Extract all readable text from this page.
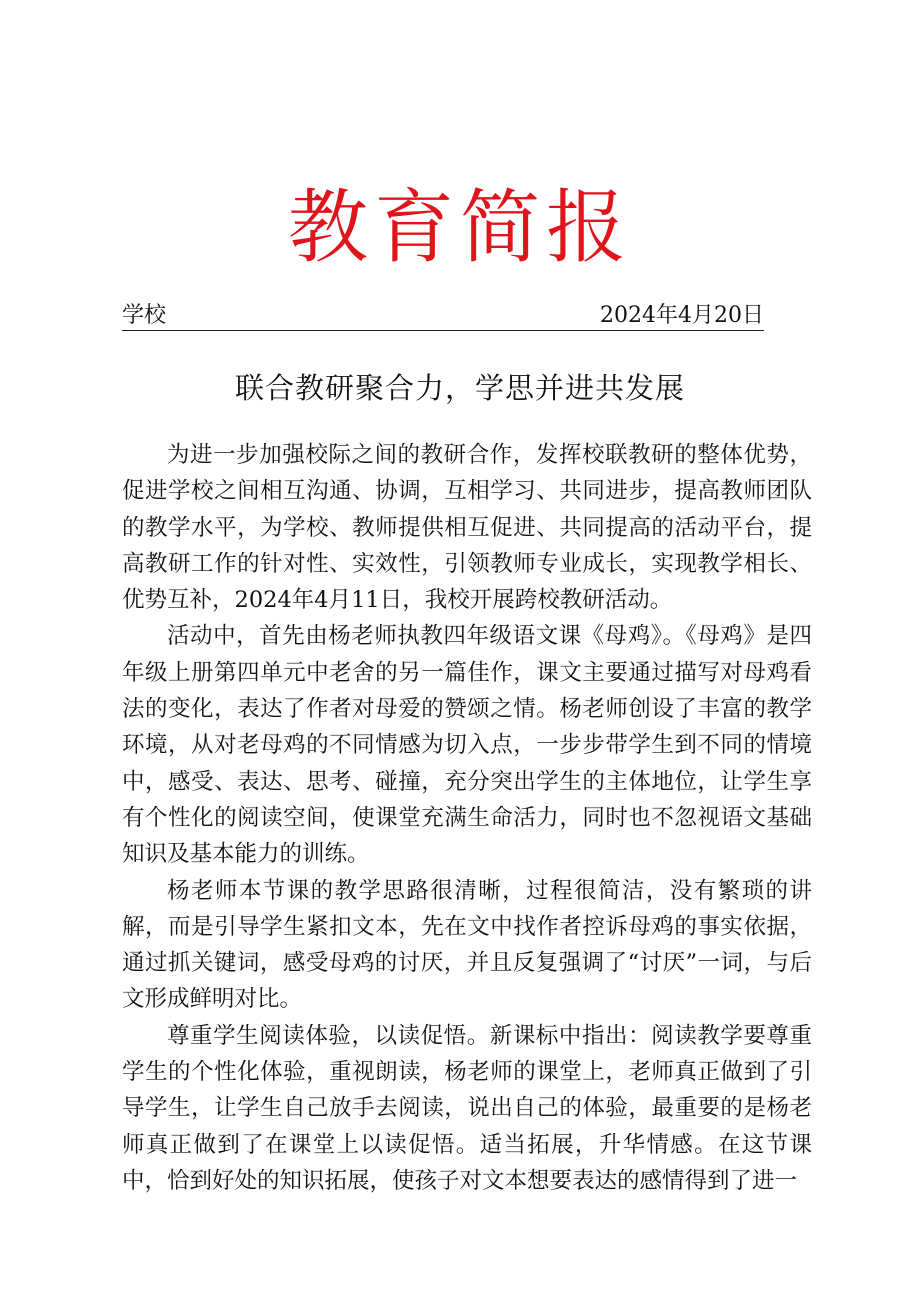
教育简报
学校	2024年4月20日
联合教研聚合力，学思并进共发展

为进一步加强校际之间的教研合作，发挥校联教研的整体优势，促进学校之间相互沟通、协调，互相学习、共同进步，提高教师团队的教学水平，为学校、教师提供相互促进、共同提高的活动平台，提高教研工作的针对性、实效性，引领教师专业成长，实现教学相长、优势互补，2024年4月11日，我校开展跨校教研活动。

活动中，首先由杨老师执教四年级语文课《母鸡》。《母鸡》是四年级上册第四单元中老舍的另一篇佳作，课文主要通过描写对母鸡看法的变化，表达了作者对母爱的赞颂之情。杨老师创设了丰富的教学环境，从对老母鸡的不同情感为切入点，一步步带学生到不同的情境中，感受、表达、思考、碰撞，充分突出学生的主体地位，让学生享有个性化的阅读空间，使课堂充满生命活力，同时也不忽视语文基础知识及基本能力的训练。

杨老师本节课的教学思路很清晰，过程很简洁，没有繁琐的讲解，而是引导学生紧扣文本，先在文中找作者控诉母鸡的事实依据，通过抓关键词，感受母鸡的讨厌，并且反复强调了“讨厌”一词，与后文形成鲜明对比。

尊重学生阅读体验，以读促悟。新课标中指出：阅读教学要尊重学生的个性化体验，重视朗读，杨老师的课堂上，老师真正做到了引导学生，让学生自己放手去阅读，说出自己的体验，最重要的是杨老师真正做到了在课堂上以读促悟。适当拓展，升华情感。在这节课中，恰到好处的知识拓展，使孩子对文本想要表达的感情得到了进一
